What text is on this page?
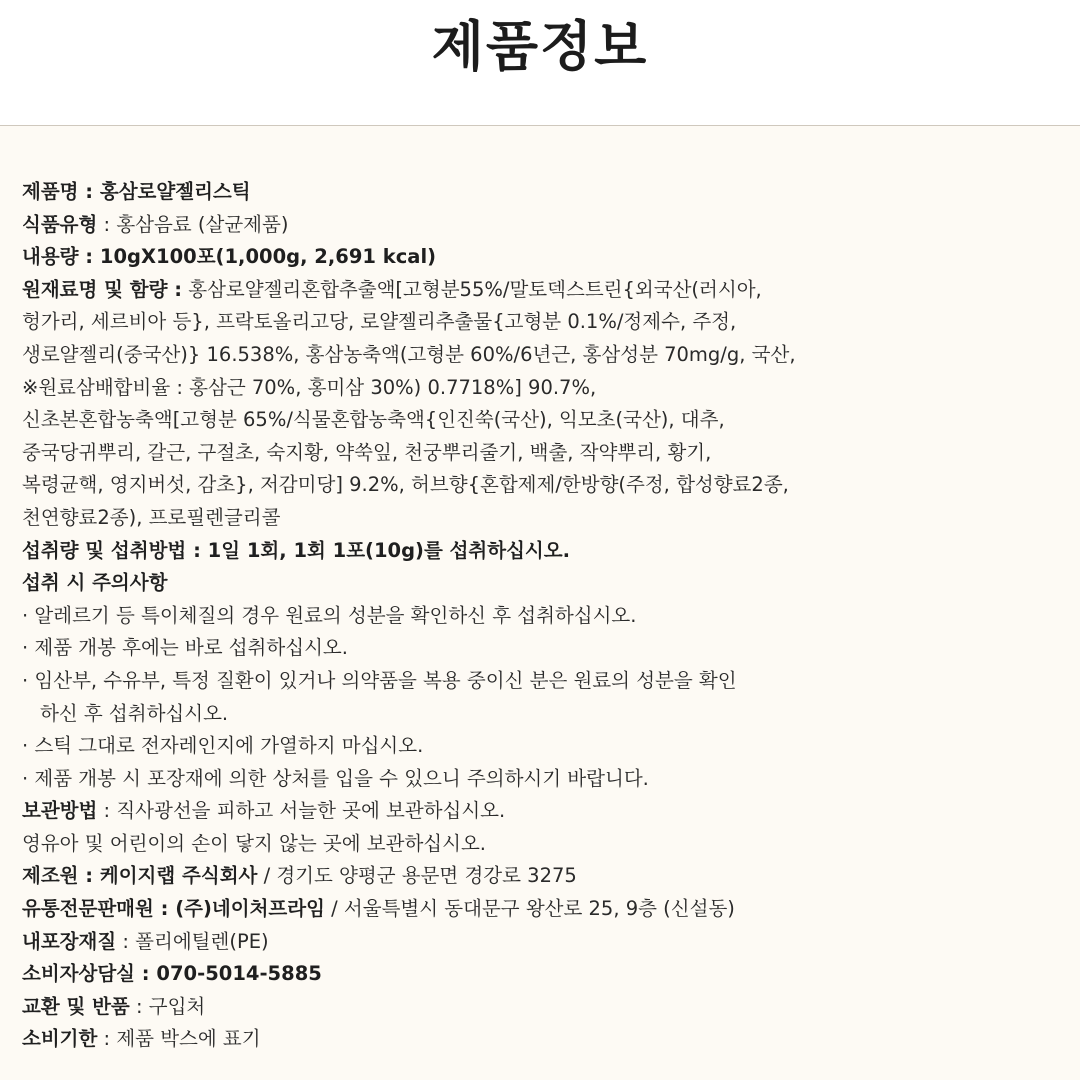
제품정보
제품명 : 홍삼로얄젤리스틱
식품유형 : 홍삼음료 (살균제품)
내용량 : 10gX100포(1,000g, 2,691 kcal)
원재료명 및 함량 : 홍삼로얄젤리혼합추출액[고형분55%/말토덱스트린{외국산(러시아,
헝가리, 세르비아 등}, 프락토올리고당, 로얄젤리추출물{고형분 0.1%/정제수, 주정,
생로얄젤리(중국산)} 16.538%, 홍삼농축액(고형분 60%/6년근, 홍삼성분 70mg/g, 국산,
※원료삼배합비율 : 홍삼근 70%, 홍미삼 30%) 0.7718%] 90.7%,
신초본혼합농축액[고형분 65%/식물혼합농축액{인진쑥(국산), 익모초(국산), 대추,
중국당귀뿌리, 갈근, 구절초, 숙지황, 약쑥잎, 천궁뿌리줄기, 백출, 작약뿌리, 황기,
복령균핵, 영지버섯, 감초}, 저감미당] 9.2%, 허브향{혼합제제/한방향(주정, 합성향료2종,
천연향료2종), 프로필렌글리콜
섭취량 및 섭취방법 : 1일 1회, 1회 1포(10g)를 섭취하십시오.
섭취 시 주의사항
· 알레르기 등 특이체질의 경우 원료의 성분을 확인하신 후 섭취하십시오.
· 제품 개봉 후에는 바로 섭취하십시오.
· 임산부, 수유부, 특정 질환이 있거나 의약품을 복용 중이신 분은 원료의 성분을 확인
하신 후 섭취하십시오.
· 스틱 그대로 전자레인지에 가열하지 마십시오.
· 제품 개봉 시 포장재에 의한 상처를 입을 수 있으니 주의하시기 바랍니다.
보관방법 : 직사광선을 피하고 서늘한 곳에 보관하십시오.
영유아 및 어린이의 손이 닿지 않는 곳에 보관하십시오.
제조원 : 케이지랩 주식회사 / 경기도 양평군 용문면 경강로 3275
유통전문판매원 : (주)네이처프라임 / 서울특별시 동대문구 왕산로 25, 9층 (신설동)
내포장재질 : 폴리에틸렌(PE)
소비자상담실 : 070-5014-5885
교환 및 반품 : 구입처
소비기한 : 제품 박스에 표기
